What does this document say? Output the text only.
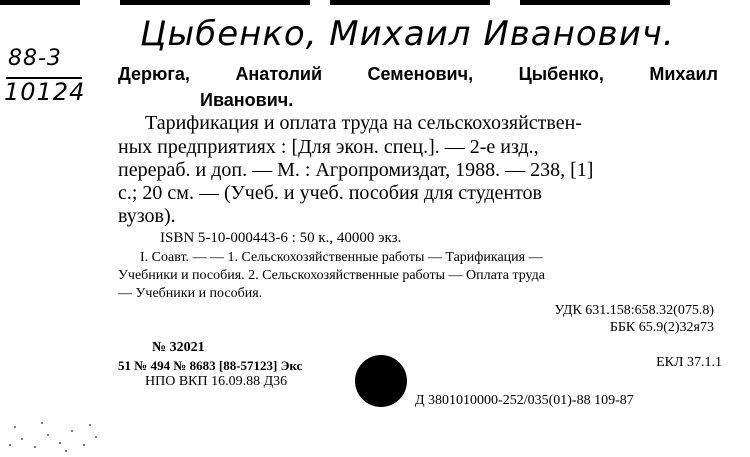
Цыбенко, Михаил Иванович.
88-3
10124
Дерюга,	Анатолий	Семенович,	Цыбенко,	Михаил
Иванович.
Тарификация и оплата труда на сельскохозяйствен-
ных предприятиях : [Для экон. спец.]. — 2-е изд.,
перераб. и доп. — М. : Агропромиздат, 1988. — 238, [1]
с.; 20 см. — (Учеб. и учеб. пособия для студентов
вузов).
ISBN 5-10-000443-6 : 50 к., 40000 экз.
I. Соавт. — — 1. Сельскохозяйственные работы — Тарификация —
Учебники и пособия. 2. Сельскохозяйственные работы — Оплата труда
— Учебники и пособия.
УДК 631.158:658.32(075.8)
ББК 65.9(2)32я73
№ 32021
51 № 494 № 8683 [88-57123] Экс	ЕКЛ 37.1.1
НПО ВКП 16.09.88 Д36
Д 3801010000-252/035(01)-88 109-87
